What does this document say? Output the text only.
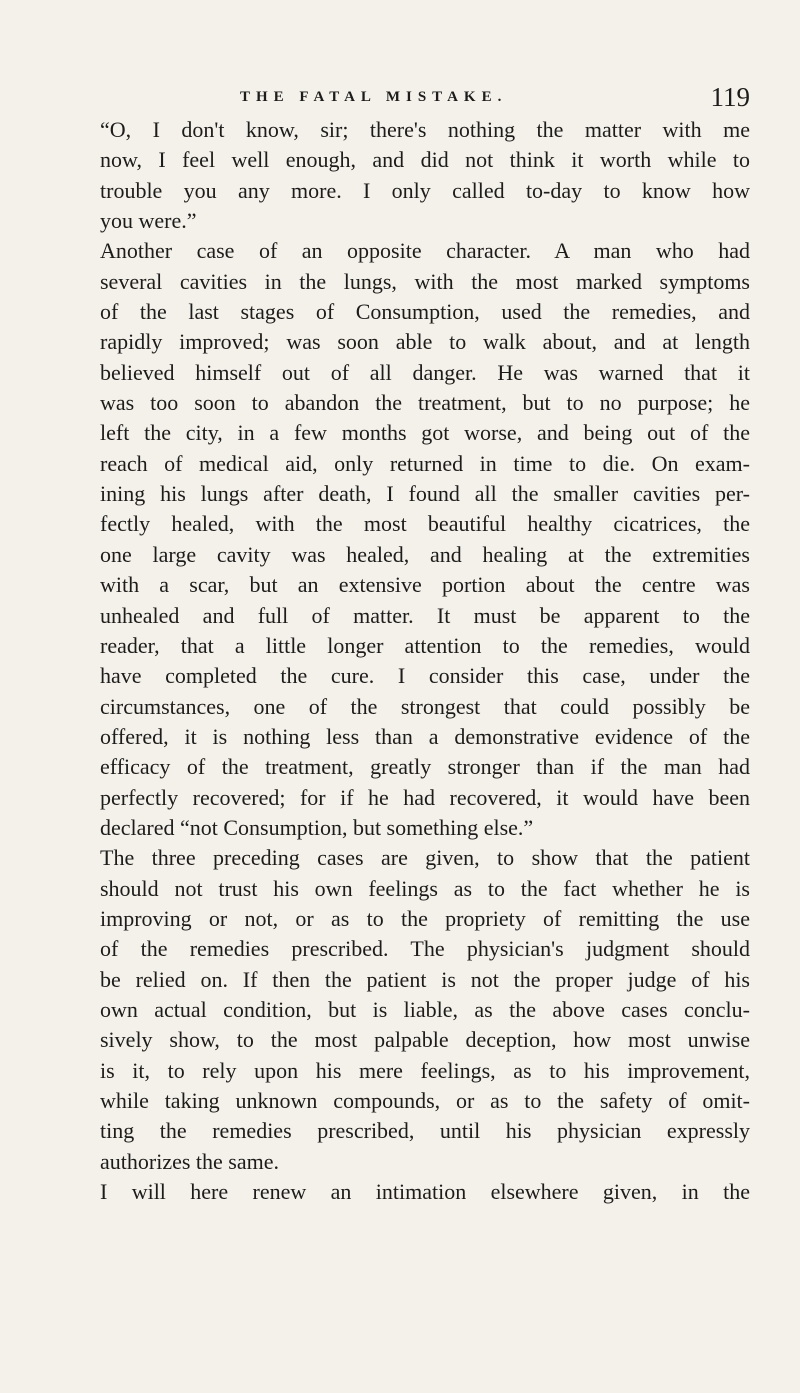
THE FATAL MISTAKE.	119
“O, I don't know, sir; there's nothing the matter with me
now, I feel well enough, and did not think it worth while to
trouble you any more. I only called to-day to know how
you were.”
Another case of an opposite character. A man who had
several cavities in the lungs, with the most marked symptoms
of the last stages of Consumption, used the remedies, and
rapidly improved; was soon able to walk about, and at length
believed himself out of all danger. He was warned that it
was too soon to abandon the treatment, but to no purpose; he
left the city, in a few months got worse, and being out of the
reach of medical aid, only returned in time to die. On exam-
ining his lungs after death, I found all the smaller cavities per-
fectly healed, with the most beautiful healthy cicatrices, the
one large cavity was healed, and healing at the extremities
with a scar, but an extensive portion about the centre was
unhealed and full of matter. It must be apparent to the
reader, that a little longer attention to the remedies, would
have completed the cure. I consider this case, under the
circumstances, one of the strongest that could possibly be
offered, it is nothing less than a demonstrative evidence of the
efficacy of the treatment, greatly stronger than if the man had
perfectly recovered; for if he had recovered, it would have been
declared “not Consumption, but something else.”
The three preceding cases are given, to show that the patient
should not trust his own feelings as to the fact whether he is
improving or not, or as to the propriety of remitting the use
of the remedies prescribed. The physician's judgment should
be relied on. If then the patient is not the proper judge of his
own actual condition, but is liable, as the above cases conclu-
sively show, to the most palpable deception, how most unwise
is it, to rely upon his mere feelings, as to his improvement,
while taking unknown compounds, or as to the safety of omit-
ting the remedies prescribed, until his physician expressly
authorizes the same.
I will here renew an intimation elsewhere given, in the
